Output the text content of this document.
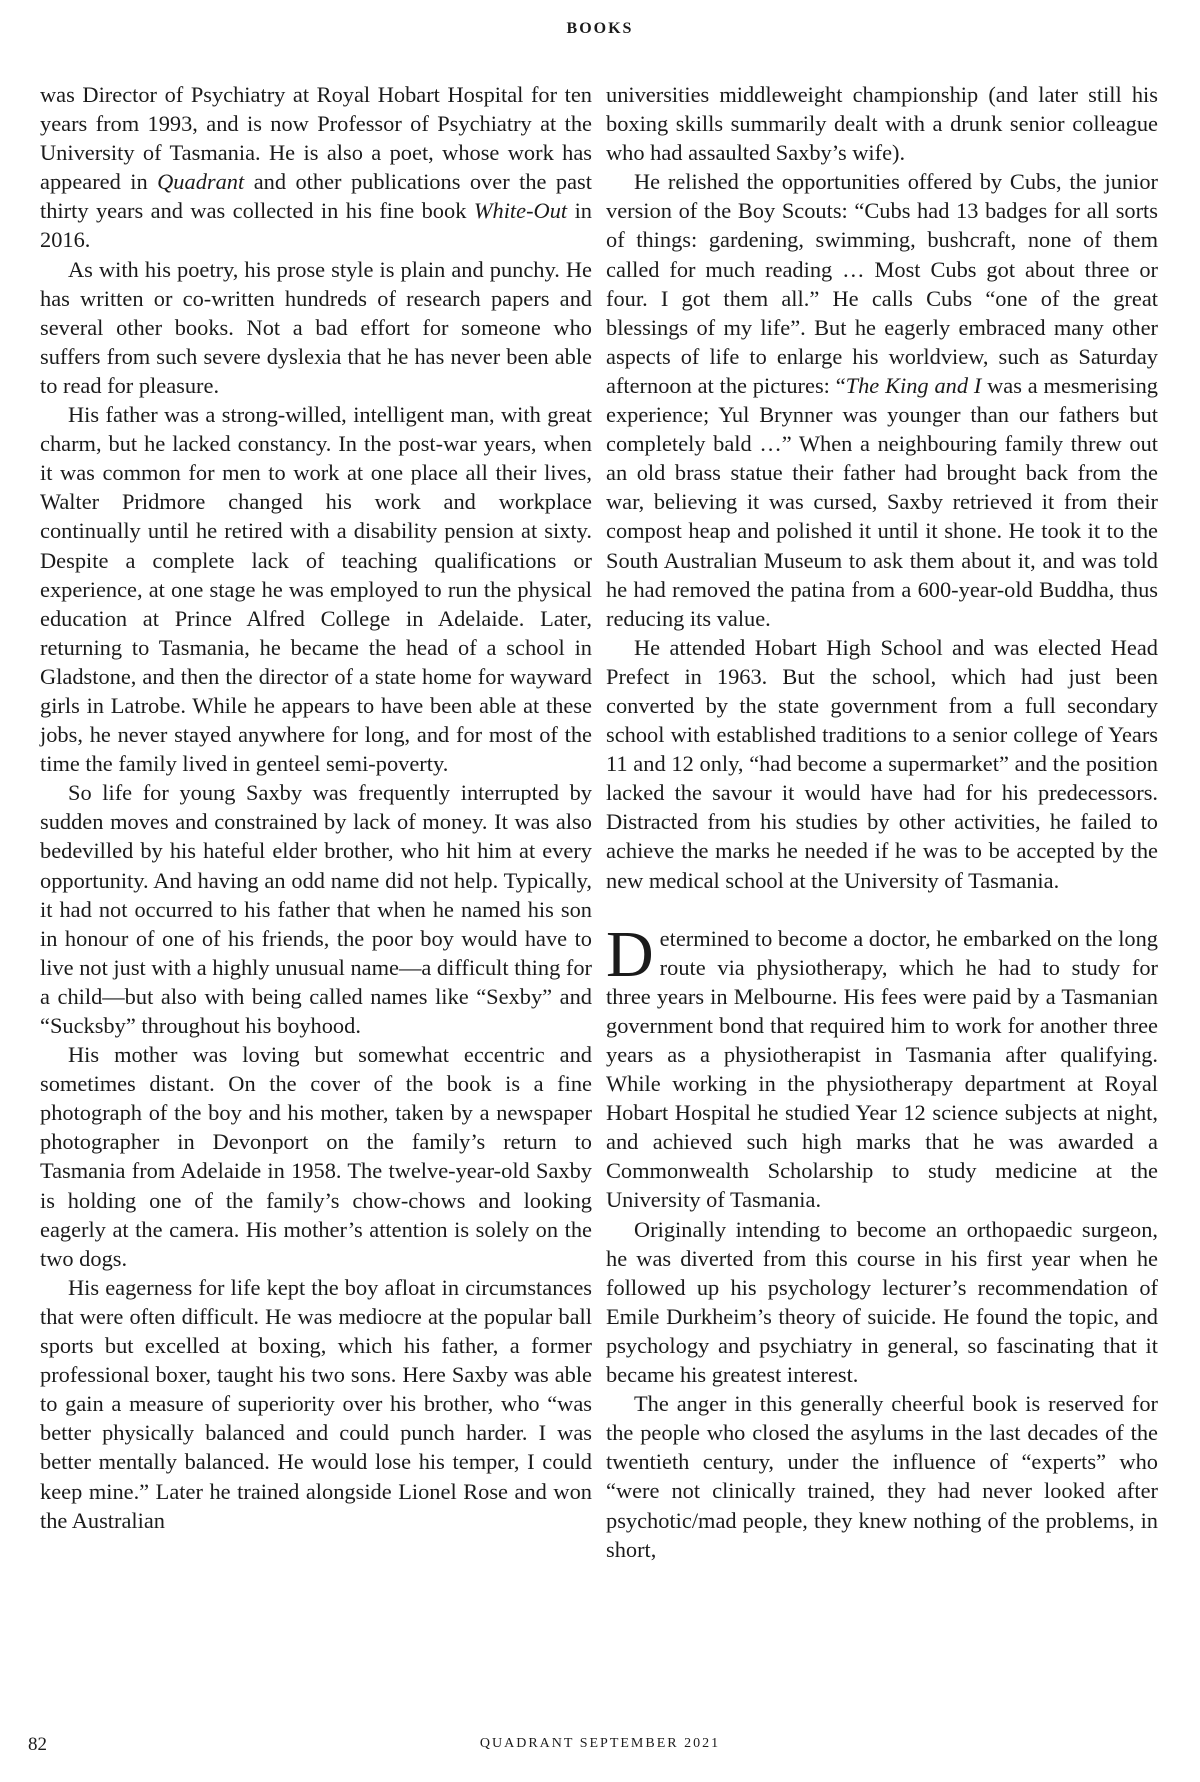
BOOKS

was Director of Psychiatry at Royal Hobart Hospital for ten years from 1993, and is now Professor of Psychiatry at the University of Tasmania. He is also a poet, whose work has appeared in Quadrant and other publications over the past thirty years and was collected in his fine book White-Out in 2016.

As with his poetry, his prose style is plain and punchy. He has written or co-written hundreds of research papers and several other books. Not a bad effort for someone who suffers from such severe dyslexia that he has never been able to read for pleasure.

His father was a strong-willed, intelligent man, with great charm, but he lacked constancy. In the post-war years, when it was common for men to work at one place all their lives, Walter Pridmore changed his work and workplace continually until he retired with a disability pension at sixty. Despite a complete lack of teaching qualifications or experience, at one stage he was employed to run the physical education at Prince Alfred College in Adelaide. Later, returning to Tasmania, he became the head of a school in Gladstone, and then the director of a state home for wayward girls in Latrobe. While he appears to have been able at these jobs, he never stayed anywhere for long, and for most of the time the family lived in genteel semi-poverty.

So life for young Saxby was frequently interrupted by sudden moves and constrained by lack of money. It was also bedevilled by his hateful elder brother, who hit him at every opportunity. And having an odd name did not help. Typically, it had not occurred to his father that when he named his son in honour of one of his friends, the poor boy would have to live not just with a highly unusual name—a difficult thing for a child—but also with being called names like “Sexby” and “Sucksby” throughout his boyhood.

His mother was loving but somewhat eccentric and sometimes distant. On the cover of the book is a fine photograph of the boy and his mother, taken by a newspaper photographer in Devonport on the family’s return to Tasmania from Adelaide in 1958. The twelve-year-old Saxby is holding one of the family’s chow-chows and looking eagerly at the camera. His mother’s attention is solely on the two dogs.

His eagerness for life kept the boy afloat in circumstances that were often difficult. He was mediocre at the popular ball sports but excelled at boxing, which his father, a former professional boxer, taught his two sons. Here Saxby was able to gain a measure of superiority over his brother, who “was better physically balanced and could punch harder. I was better mentally balanced. He would lose his temper, I could keep mine.” Later he trained alongside Lionel Rose and won the Australian

universities middleweight championship (and later still his boxing skills summarily dealt with a drunk senior colleague who had assaulted Saxby’s wife).

He relished the opportunities offered by Cubs, the junior version of the Boy Scouts: “Cubs had 13 badges for all sorts of things: gardening, swimming, bushcraft, none of them called for much reading … Most Cubs got about three or four. I got them all.” He calls Cubs “one of the great blessings of my life”. But he eagerly embraced many other aspects of life to enlarge his worldview, such as Saturday afternoon at the pictures: “The King and I was a mesmerising experience; Yul Brynner was younger than our fathers but completely bald …” When a neighbouring family threw out an old brass statue their father had brought back from the war, believing it was cursed, Saxby retrieved it from their compost heap and polished it until it shone. He took it to the South Australian Museum to ask them about it, and was told he had removed the patina from a 600-year-old Buddha, thus reducing its value.

He attended Hobart High School and was elected Head Prefect in 1963. But the school, which had just been converted by the state government from a full secondary school with established traditions to a senior college of Years 11 and 12 only, “had become a supermarket” and the position lacked the savour it would have had for his predecessors. Distracted from his studies by other activities, he failed to achieve the marks he needed if he was to be accepted by the new medical school at the University of Tasmania.

Determined to become a doctor, he embarked on the long route via physiotherapy, which he had to study for three years in Melbourne. His fees were paid by a Tasmanian government bond that required him to work for another three years as a physiotherapist in Tasmania after qualifying. While working in the physiotherapy department at Royal Hobart Hospital he studied Year 12 science subjects at night, and achieved such high marks that he was awarded a Commonwealth Scholarship to study medicine at the University of Tasmania.

Originally intending to become an orthopaedic surgeon, he was diverted from this course in his first year when he followed up his psychology lecturer’s recommendation of Emile Durkheim’s theory of suicide. He found the topic, and psychology and psychiatry in general, so fascinating that it became his greatest interest.

The anger in this generally cheerful book is reserved for the people who closed the asylums in the last decades of the twentieth century, under the influence of “experts” who “were not clinically trained, they had never looked after psychotic/mad people, they knew nothing of the problems, in short,

82	QUADRANT SEPTEMBER 2021
